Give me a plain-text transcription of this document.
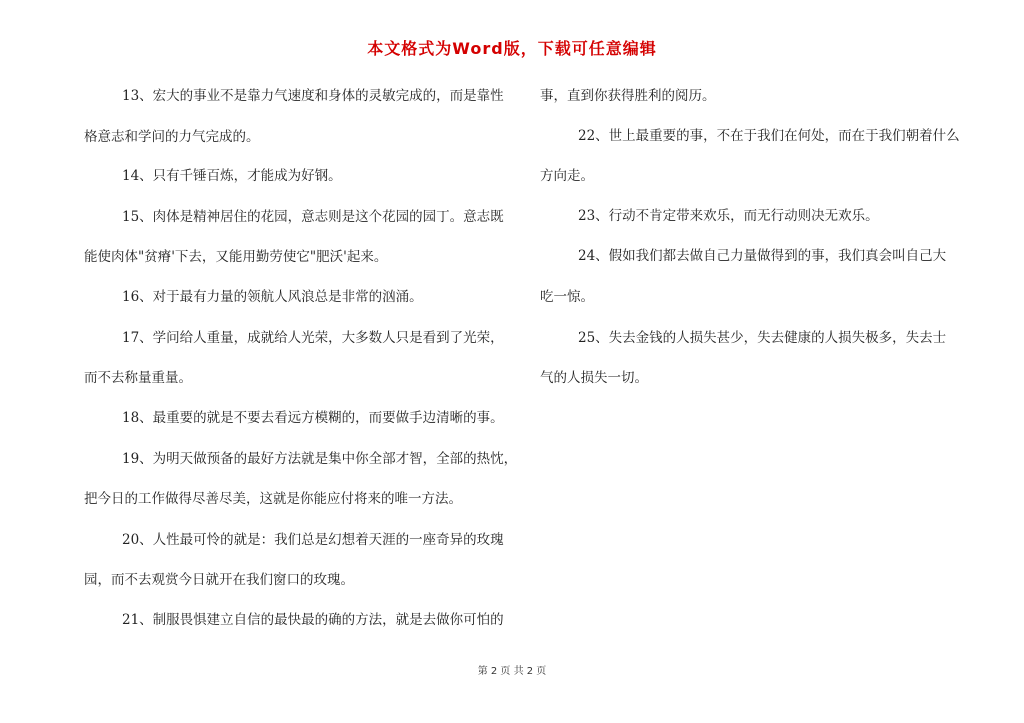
本文格式为Word版，下载可任意编辑
13、宏大的事业不是靠力气速度和身体的灵敏完成的，而是靠性
格意志和学问的力气完成的。
14、只有千锤百炼，才能成为好钢。
15、肉体是精神居住的花园，意志则是这个花园的园丁。意志既
能使肉体"贫瘠'下去，又能用勤劳使它"肥沃'起来。
16、对于最有力量的领航人风浪总是非常的汹涌。
17、学问给人重量，成就给人光荣，大多数人只是看到了光荣，
而不去称量重量。
18、最重要的就是不要去看远方模糊的，而要做手边清晰的事。
19、为明天做预备的最好方法就是集中你全部才智，全部的热忱，
把今日的工作做得尽善尽美，这就是你能应付将来的唯一方法。
20、人性最可怜的就是：我们总是幻想着天涯的一座奇异的玫瑰
园，而不去观赏今日就开在我们窗口的玫瑰。
21、制服畏惧建立自信的最快最的确的方法，就是去做你可怕的
事，直到你获得胜利的阅历。
22、世上最重要的事，不在于我们在何处，而在于我们朝着什么
方向走。
23、行动不肯定带来欢乐，而无行动则决无欢乐。
24、假如我们都去做自己力量做得到的事，我们真会叫自己大
吃一惊。
25、失去金钱的人损失甚少，失去健康的人损失极多，失去士
气的人损失一切。
第 2 页 共 2 页
